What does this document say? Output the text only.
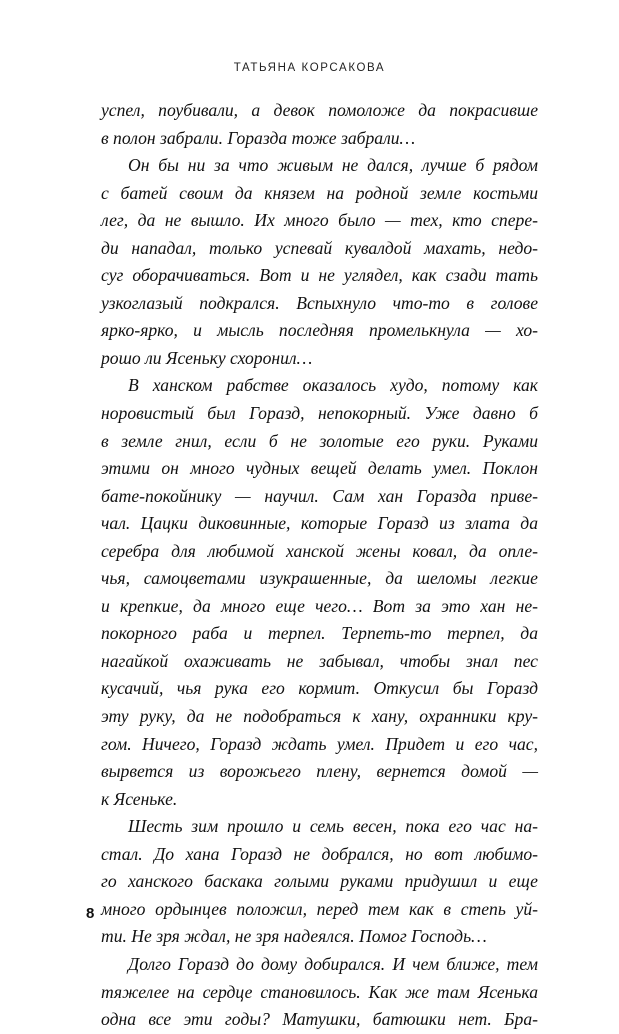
ТАТЬЯНА КОРСАКОВА
успел, поубивали, а девок помоложе да покрасивше
в полон забрали. Горазда тоже забрали…
Он бы ни за что живым не дался, лучше б рядом
с батей своим да князем на родной земле костьми
лег, да не вышло. Их много было — тех, кто спере-
ди нападал, только успевай кувалдой махать, недо-
суг оборачиваться. Вот и не углядел, как сзади тать
узкоглазый подкрался. Вспыхнуло что-то в голове
ярко-ярко, и мысль последняя промелькнула — хо-
рошо ли Ясеньку схоронил…
В ханском рабстве оказалось худо, потому как
норовистый был Горазд, непокорный. Уже давно б
в земле гнил, если б не золотые его руки. Руками
этими он много чудных вещей делать умел. Поклон
бате-покойнику — научил. Сам хан Горазда приве-
чал. Цацки диковинные, которые Горазд из злата да
серебра для любимой ханской жены ковал, да опле-
чья, самоцветами изукрашенные, да шеломы легкие
и крепкие, да много еще чего… Вот за это хан не-
покорного раба и терпел. Терпеть-то терпел, да
нагайкой охаживать не забывал, чтобы знал пес
кусачий, чья рука его кормит. Откусил бы Горазд
эту руку, да не подобраться к хану, охранники кру-
гом. Ничего, Горазд ждать умел. Придет и его час,
вырвется из ворожьего плену, вернется домой —
к Ясеньке.
Шесть зим прошло и семь весен, пока его час на-
стал. До хана Горазд не добрался, но вот любимо-
го ханского баскака голыми руками придушил и еще
много ордынцев положил, перед тем как в степь уй-
ти. Не зря ждал, не зря надеялся. Помог Господь…
Долго Горазд до дому добирался. И чем ближе, тем
тяжелее на сердце становилось. Как же там Ясенька
одна все эти годы? Матушки, батюшки нет. Бра-
8
